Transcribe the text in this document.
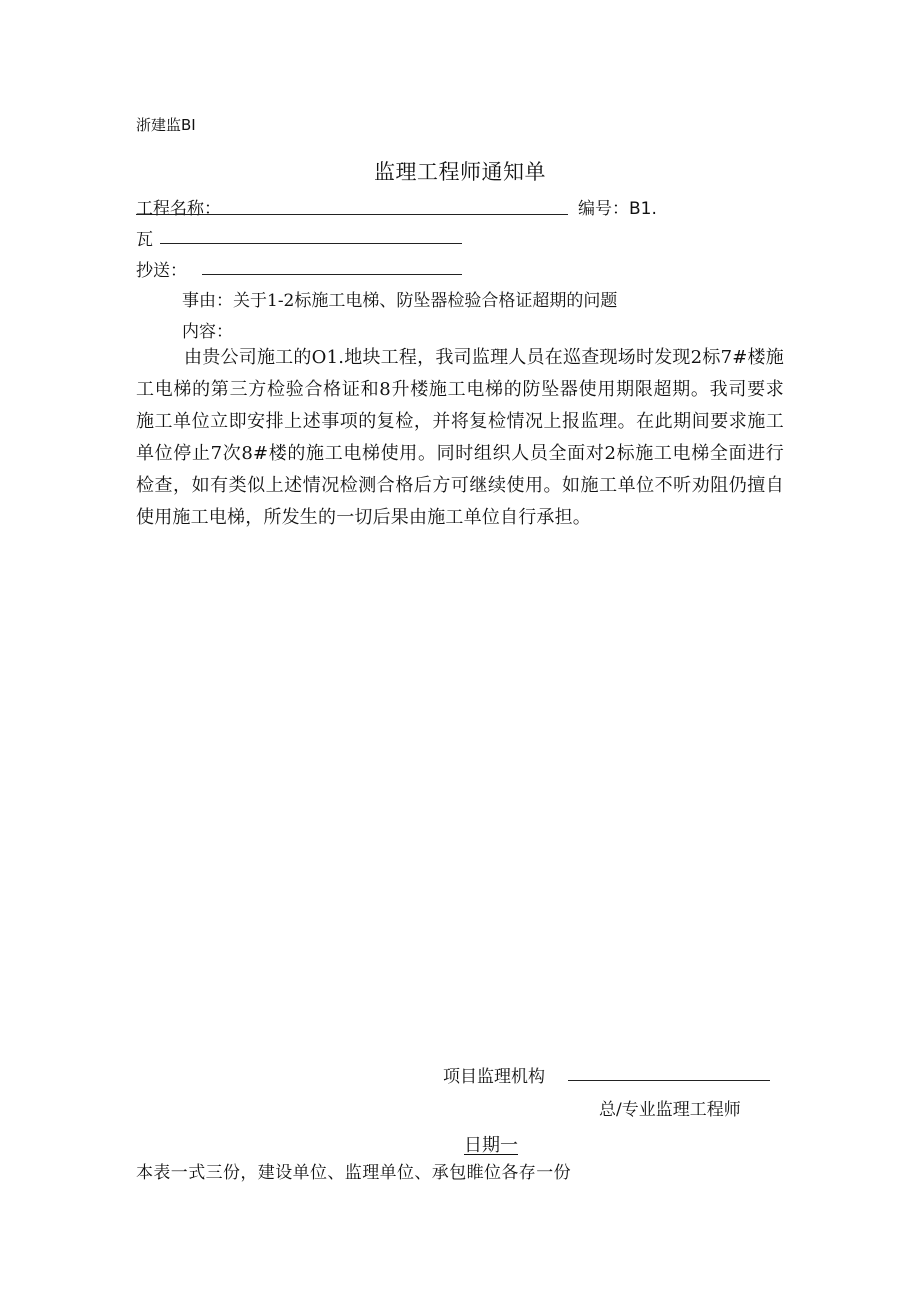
浙建监BI
监理工程师通知单
工程名称：	编号：B1.
瓦
抄送：
事由：关于1-2标施工电梯、防坠器检验合格证超期的问题
内容：
由贵公司施工的O1.地块工程，我司监理人员在巡查现场时发现2标7#楼施工电梯的第三方检验合格证和8升楼施工电梯的防坠器使用期限超期。我司要求施工单位立即安排上述事项的复检，并将复检情况上报监理。在此期间要求施工单位停止7次8#楼的施工电梯使用。同时组织人员全面对2标施工电梯全面进行检查，如有类似上述情况检测合格后方可继续使用。如施工单位不听劝阻仍擅自使用施工电梯，所发生的一切后果由施工单位自行承担。
项目监理机构
总/专业监理工程师
日期一
本表一式三份，建设单位、监理单位、承包睢位各存一份
